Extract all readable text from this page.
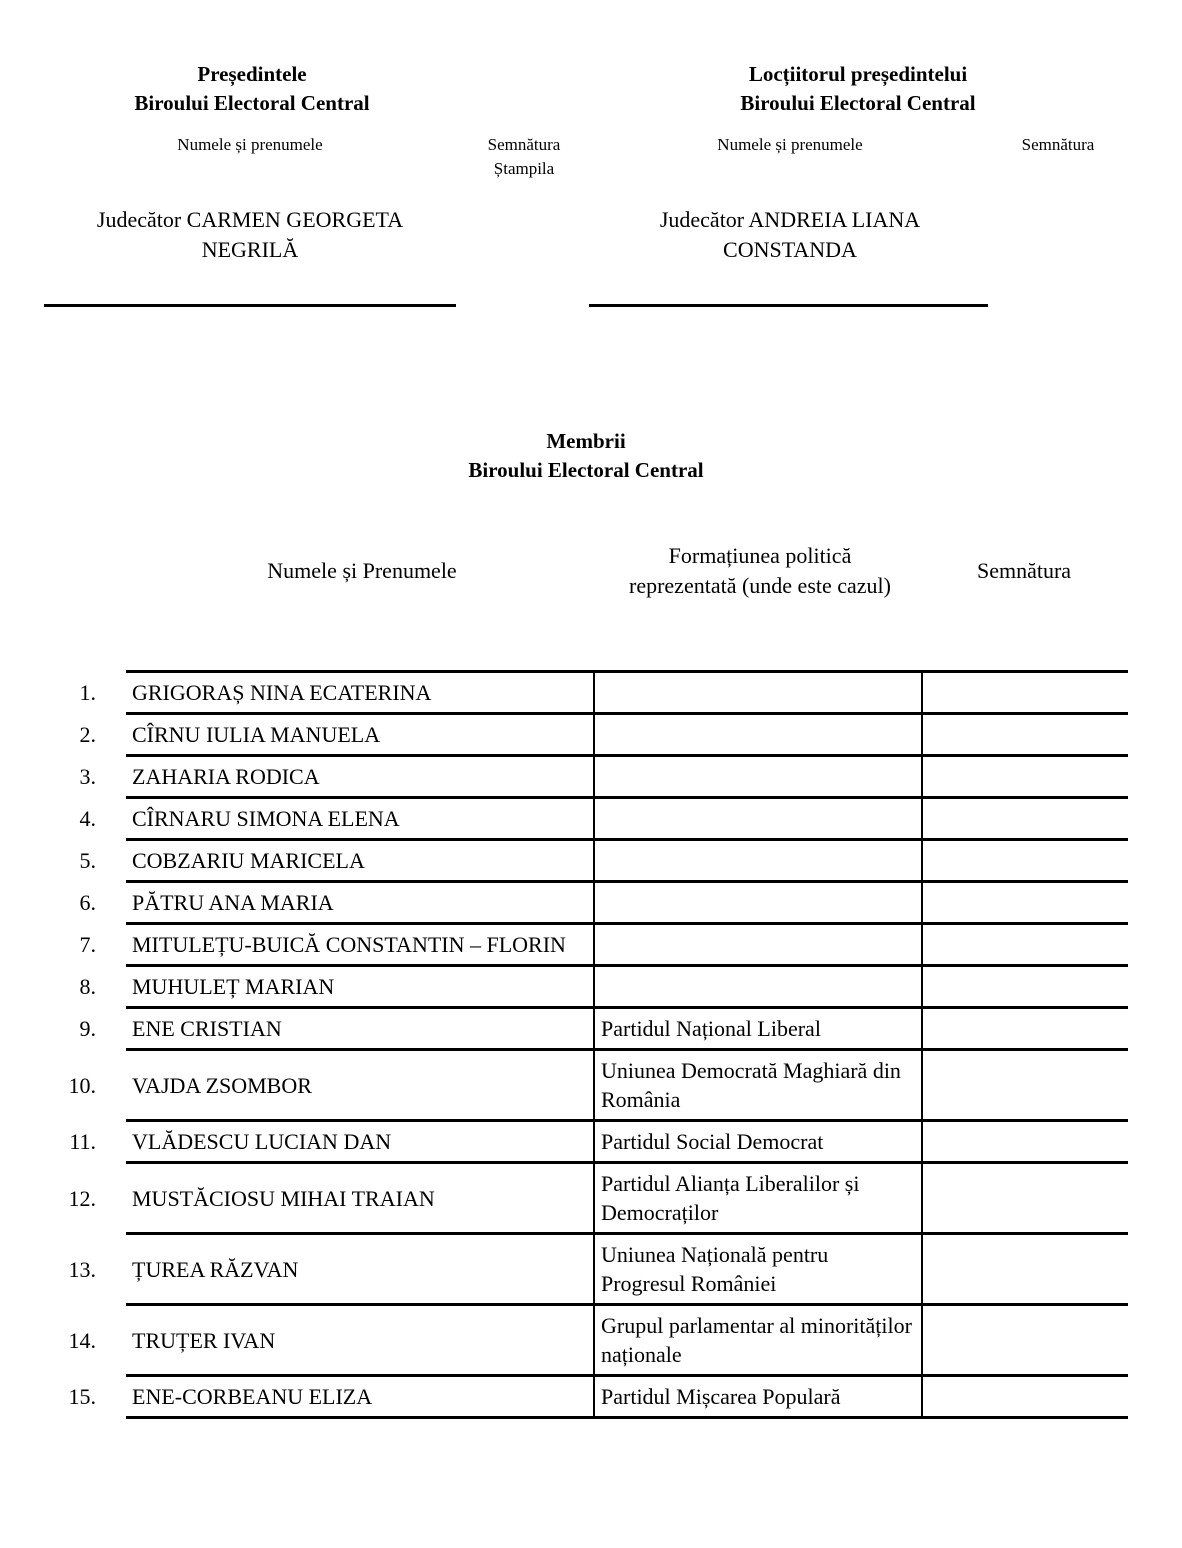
Președintele
Biroului Electoral Central
Numele și prenumele	Semnătura
Ștampila
Judecător CARMEN GEORGETA
NEGRILĂ
Locțiitorul președintelui
Biroului Electoral Central
Numele și prenumele	Semnătura
Judecător ANDREIA LIANA
CONSTANDA
Membrii
Biroului Electoral Central
Numele și Prenumele
Formațiunea politică
reprezentată (unde este cazul)
Semnătura
1. GRIGORAȘ NINA ECATERINA		

2. CÎRNU IULIA MANUELA		

3. ZAHARIA RODICA		

4. CÎRNARU SIMONA ELENA		

5. COBZARIU MARICELA		

6. PĂTRU ANA MARIA		

7. MITULEȚU-BUICĂ CONSTANTIN – FLORIN		

8. MUHULEȚ MARIAN		

9. ENE CRISTIAN	Partidul Național Liberal	

10. VAJDA ZSOMBOR	Uniunea Democrată Maghiară din România	

11. VLĂDESCU LUCIAN DAN	Partidul Social Democrat	

12. MUSTĂCIOSU MIHAI TRAIAN	Partidul Alianța Liberalilor și Democraților	

13. ȚUREA RĂZVAN	Uniunea Națională pentru Progresul României	

14. TRUȚER IVAN	Grupul parlamentar al minorităților naționale	

15. ENE-CORBEANU ELIZA	Partidul Mișcarea Populară	
